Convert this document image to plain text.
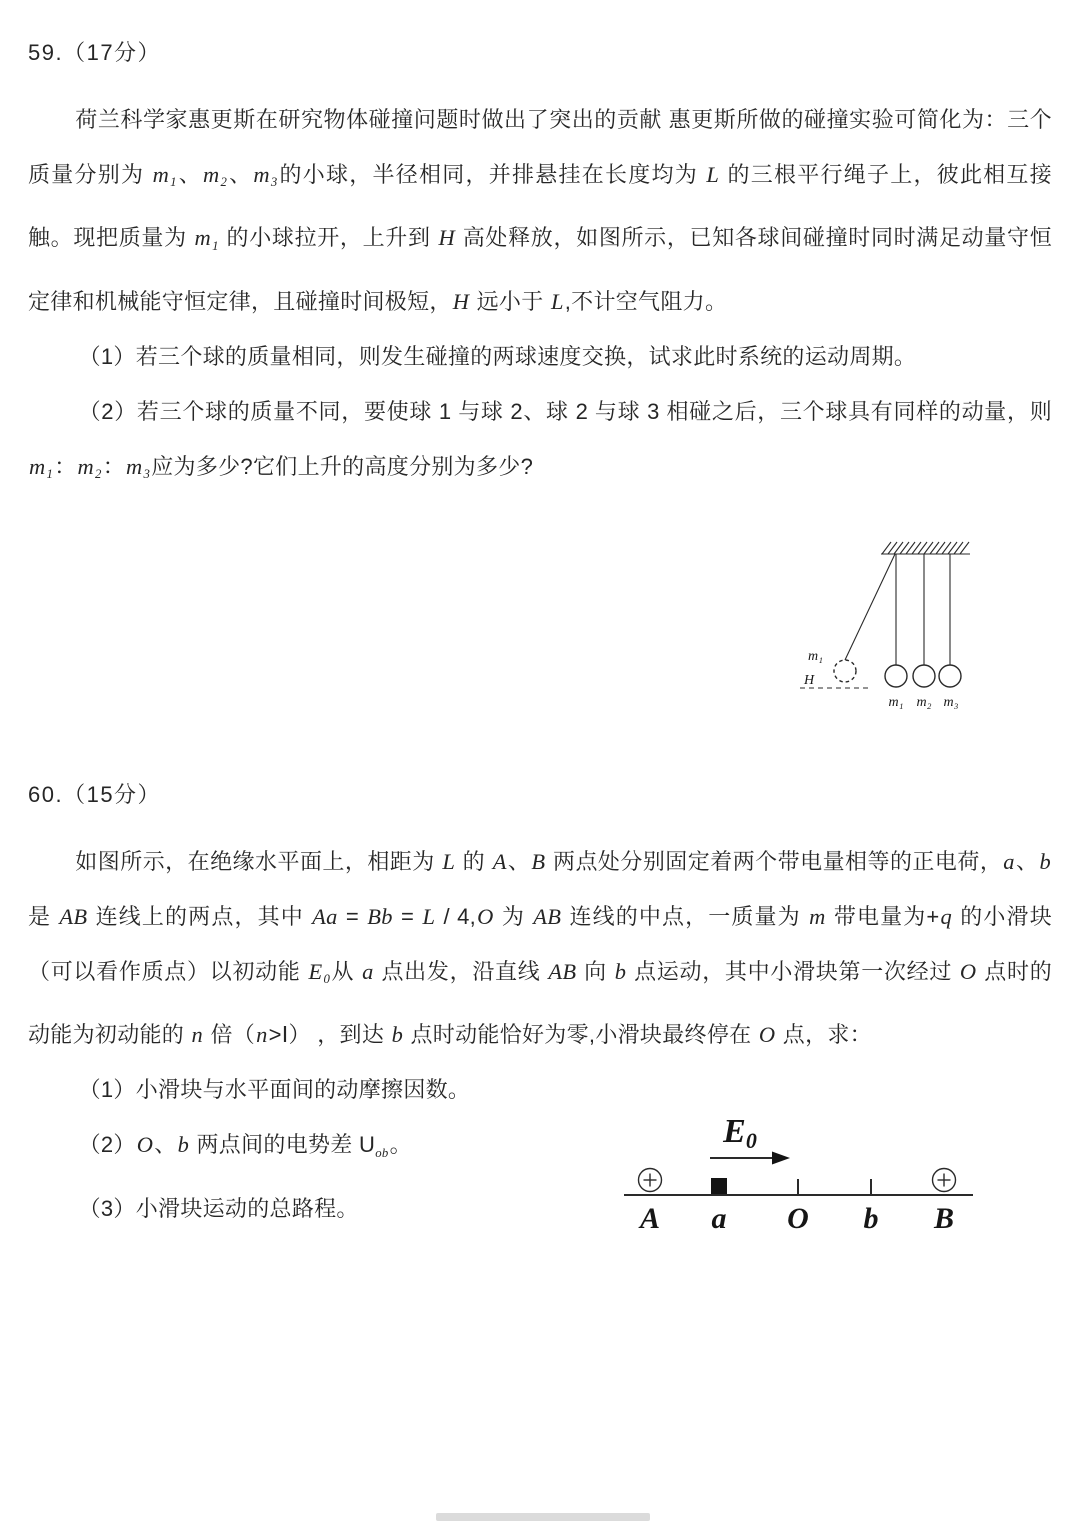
59.（17分）

荷兰科学家惠更斯在研究物体碰撞问题时做出了突出的贡献 惠更斯所做的碰撞实验可简化为：三个质量分别为 $m_1$、$m_2$、$m_3$的小球，半径相同，并排悬挂在长度均为 L 的三根平行绳子上，彼此相互接触。现把质量为 $m_1$ 的小球拉开，上升到 H 高处释放，如图所示，已知各球间碰撞时同时满足动量守恒定律和机械能守恒定律，且碰撞时间极短，H 远小于 L,不计空气阻力。

（1）若三个球的质量相同，则发生碰撞的两球速度交换，试求此时系统的运动周期。

（2）若三个球的质量不同，要使球 1 与球 2、球 2 与球 3 相碰之后，三个球具有同样的动量，则 $m_1$：$m_2$：$m_3$应为多少?它们上升的高度分别为多少?

m₁
H
m₁ m₂ m₃
60.（15分）

如图所示，在绝缘水平面上，相距为 L 的 A、B 两点处分别固定着两个带电量相等的正电荷，a、b 是 AB 连线上的两点，其中 Aa = Bb = L / 4,O 为 AB 连线的中点，一质量为 m 带电量为+q 的小滑块（可以看作质点）以初动能 $E_0$从 a 点出发，沿直线 AB 向 b 点运动，其中小滑块第一次经过 O 点时的动能为初动能的 n 倍（n>Ⅰ） ，到达 b 点时动能恰好为零,小滑块最终停在 O 点，求：

（1）小滑块与水平面间的动摩擦因数。

（2）O、b 两点间的电势差 $U_{ob}$。

（3）小滑块运动的总路程。

E0
A a O b B
